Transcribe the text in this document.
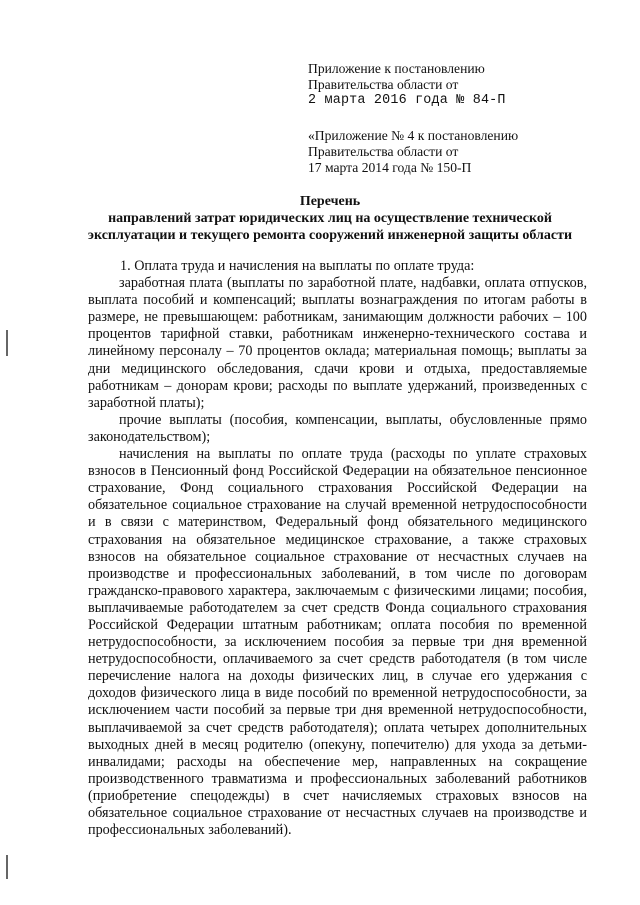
Приложение к постановлению
Правительства области от
2 марта 2016 года № 84-П
«Приложение № 4 к постановлению
Правительства области от
17 марта 2014 года № 150-П
Перечень
направлений затрат юридических лиц на осуществление технической
эксплуатации и текущего ремонта сооружений инженерной защиты области

1. Оплата труда и начисления на выплаты по оплате труда:

заработная плата (выплаты по заработной плате, надбавки, оплата отпусков, выплата пособий и компенсаций; выплаты вознаграждения по итогам работы в размере, не превышающем: работникам, занимающим должности рабочих – 100 процентов тарифной ставки, работникам инженерно-технического состава и линейному персоналу – 70 процентов оклада; материальная помощь; выплаты за дни медицинского обследования, сдачи крови и отдыха, предоставляемые работникам – донорам крови; расходы по выплате удержаний, произведенных с заработной платы);

прочие выплаты (пособия, компенсации, выплаты, обусловленные прямо законодательством);

начисления на выплаты по оплате труда (расходы по уплате страховых взносов в Пенсионный фонд Российской Федерации на обязательное пенсионное страхование, Фонд социального страхования Российской Федерации на обязательное социальное страхование на случай временной нетрудоспособности и в связи с материнством, Федеральный фонд обязательного медицинского страхования на обязательное медицинское страхование, а также страховых взносов на обязательное социальное страхование от несчастных случаев на производстве и профессиональных заболеваний, в том числе по договорам гражданско-правового характера, заключаемым с физическими лицами; пособия, выплачиваемые работодателем за счет средств Фонда социального страхования Российской Федерации штатным работникам; оплата пособия по временной нетрудоспособности, за исключением пособия за первые три дня временной нетрудоспособности, оплачиваемого за счет средств работодателя (в том числе перечисление налога на доходы физических лиц, в случае его удержания с доходов физического лица в виде пособий по временной нетрудоспособности, за исключением части пособий за первые три дня временной нетрудоспособности, выплачиваемой за счет средств работодателя); оплата четырех дополнительных выходных дней в месяц родителю (опекуну, попечителю) для ухода за детьми-инвалидами; расходы на обеспечение мер, направленных на сокращение производственного травматизма и профессиональных заболеваний работников (приобретение спецодежды) в счет начисляемых страховых взносов на обязательное социальное страхование от несчастных случаев на производстве и профессиональных заболеваний).
